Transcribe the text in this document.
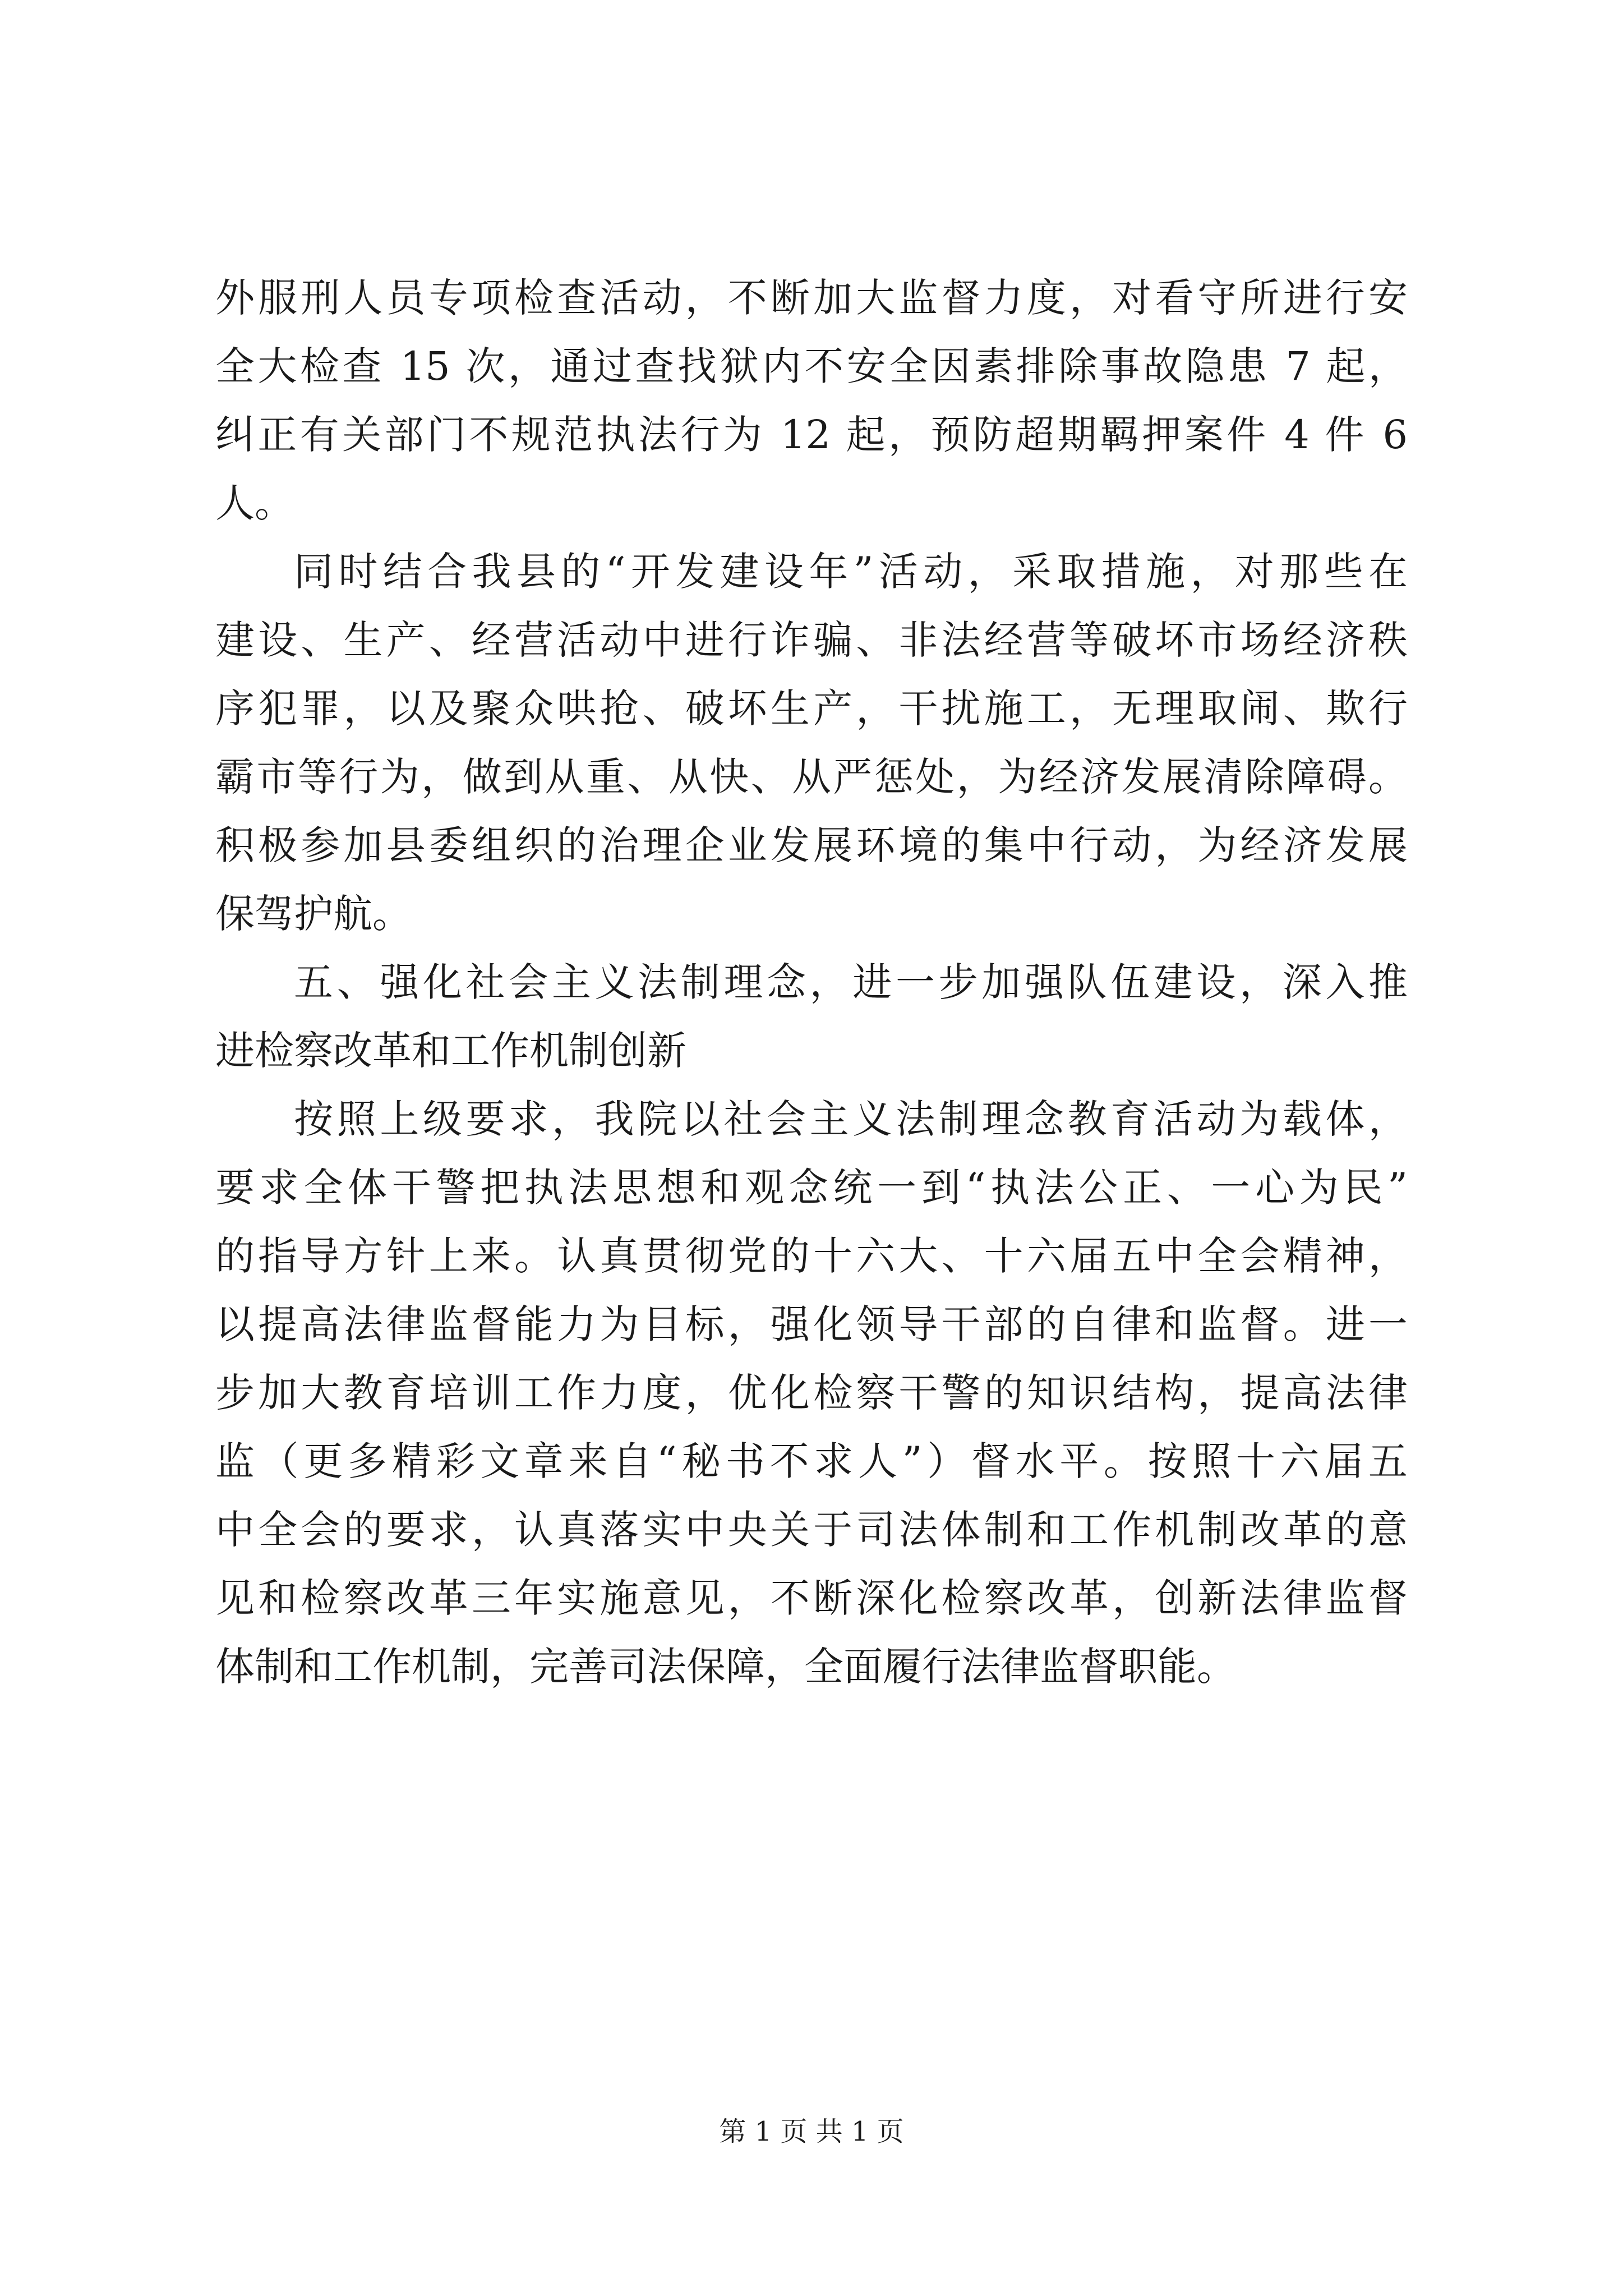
外服刑人员专项检查活动，不断加大监督力度，对看守所进行安
全大检查 15 次，通过查找狱内不安全因素排除事故隐患 7 起，
纠正有关部门不规范执法行为 12 起，预防超期羁押案件 4 件 6
人。
同时结合我县的“开发建设年”活动，采取措施，对那些在
建设、生产、经营活动中进行诈骗、非法经营等破坏市场经济秩
序犯罪，以及聚众哄抢、破坏生产，干扰施工，无理取闹、欺行
霸市等行为，做到从重、从快、从严惩处，为经济发展清除障碍。
积极参加县委组织的治理企业发展环境的集中行动，为经济发展
保驾护航。
五、强化社会主义法制理念，进一步加强队伍建设，深入推
进检察改革和工作机制创新
按照上级要求，我院以社会主义法制理念教育活动为载体，
要求全体干警把执法思想和观念统一到“执法公正、一心为民”
的指导方针上来。认真贯彻党的十六大、十六届五中全会精神，
以提高法律监督能力为目标，强化领导干部的自律和监督。进一
步加大教育培训工作力度，优化检察干警的知识结构，提高法律
监（更多精彩文章来自“秘书不求人”）督水平。按照十六届五
中全会的要求，认真落实中央关于司法体制和工作机制改革的意
见和检察改革三年实施意见，不断深化检察改革，创新法律监督
体制和工作机制，完善司法保障，全面履行法律监督职能。
第 1 页 共 1 页
